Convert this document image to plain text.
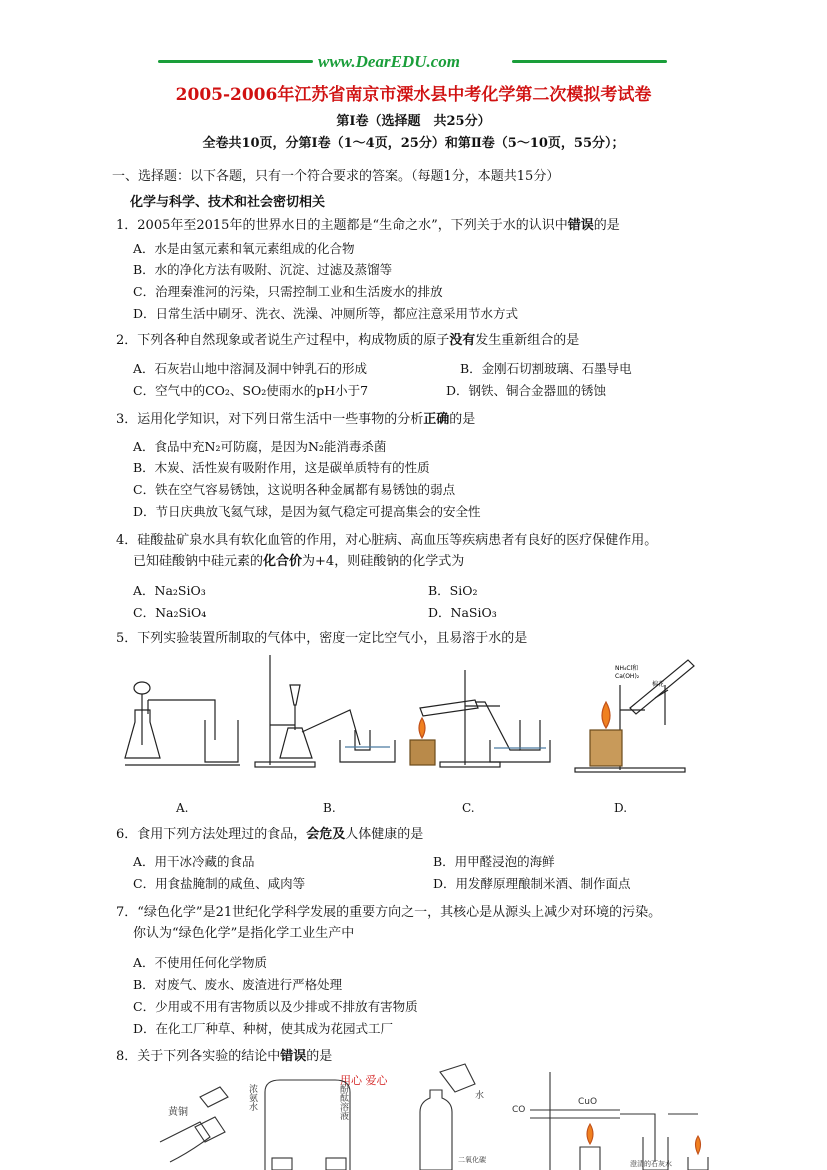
www.DearEDU.com
2005-2006年江苏省南京市溧水县中考化学第二次模拟考试卷
第Ⅰ卷（选择题　共25分）
全卷共10页，分第Ⅰ卷（1～4页，25分）和第Ⅱ卷（5～10页，55分）；
一、选择题：以下各题，只有一个符合要求的答案。（每题1分，本题共15分）
化学与科学、技术和社会密切相关
1．2005年至2015年的世界水日的主题都是“生命之水”，下列关于水的认识中错误的是
A．水是由氢元素和氧元素组成的化合物
B．水的净化方法有吸附、沉淀、过滤及蒸馏等
C．治理秦淮河的污染，只需控制工业和生活废水的排放
D．日常生活中刷牙、洗衣、洗澡、冲厕所等，都应注意采用节水方式
2．下列各种自然现象或者说生产过程中，构成物质的原子没有发生重新组合的是
A．石灰岩山地中溶洞及洞中钟乳石的形成	B．金刚石切割玻璃、石墨导电
C．空气中的CO₂、SO₂使雨水的pH小于7	D．钢铁、铜合金器皿的锈蚀
3．运用化学知识，对下列日常生活中一些事物的分析正确的是
A．食品中充N₂可防腐，是因为N₂能消毒杀菌
B．木炭、活性炭有吸附作用，这是碳单质特有的性质
C．铁在空气容易锈蚀，这说明各种金属都有易锈蚀的弱点
D．节日庆典放飞氦气球，是因为氦气稳定可提高集会的安全性
4．硅酸盐矿泉水具有软化血管的作用，对心脏病、高血压等疾病患者有良好的医疗保健作用。
已知硅酸钠中硅元素的化合价为+4，则硅酸钠的化学式为
A．Na₂SiO₃	B．SiO₂
C．Na₂SiO₄	D．NaSiO₃
5．下列实验装置所制取的气体中，密度一定比空气小，且易溶于水的是
NH₄Cl和
Ca(OH)₂
棉花
A.	B.	C.	D.
6．食用下列方法处理过的食品，会危及人体健康的是
A．用干冰冷藏的食品	B．用甲醛浸泡的海鲜
C．用食盐腌制的咸鱼、咸肉等	D．用发酵原理酿制米酒、制作面点
7．“绿色化学”是21世纪化学科学发展的重要方向之一，其核心是从源头上减少对环境的污染。
你认为“绿色化学”是指化学工业生产中
A．不使用任何化学物质
B．对废气、废水、废渣进行严格处理
C．少用或不用有害物质以及少排或不排放有害物质
D．在化工厂种草、种树，使其成为花园式工厂
8．关于下列各实验的结论中错误的是
用心 爱心
黄铜
浓氨水	酚酞溶液	水
二氧化碳
CO
CuO
澄清的石灰水
